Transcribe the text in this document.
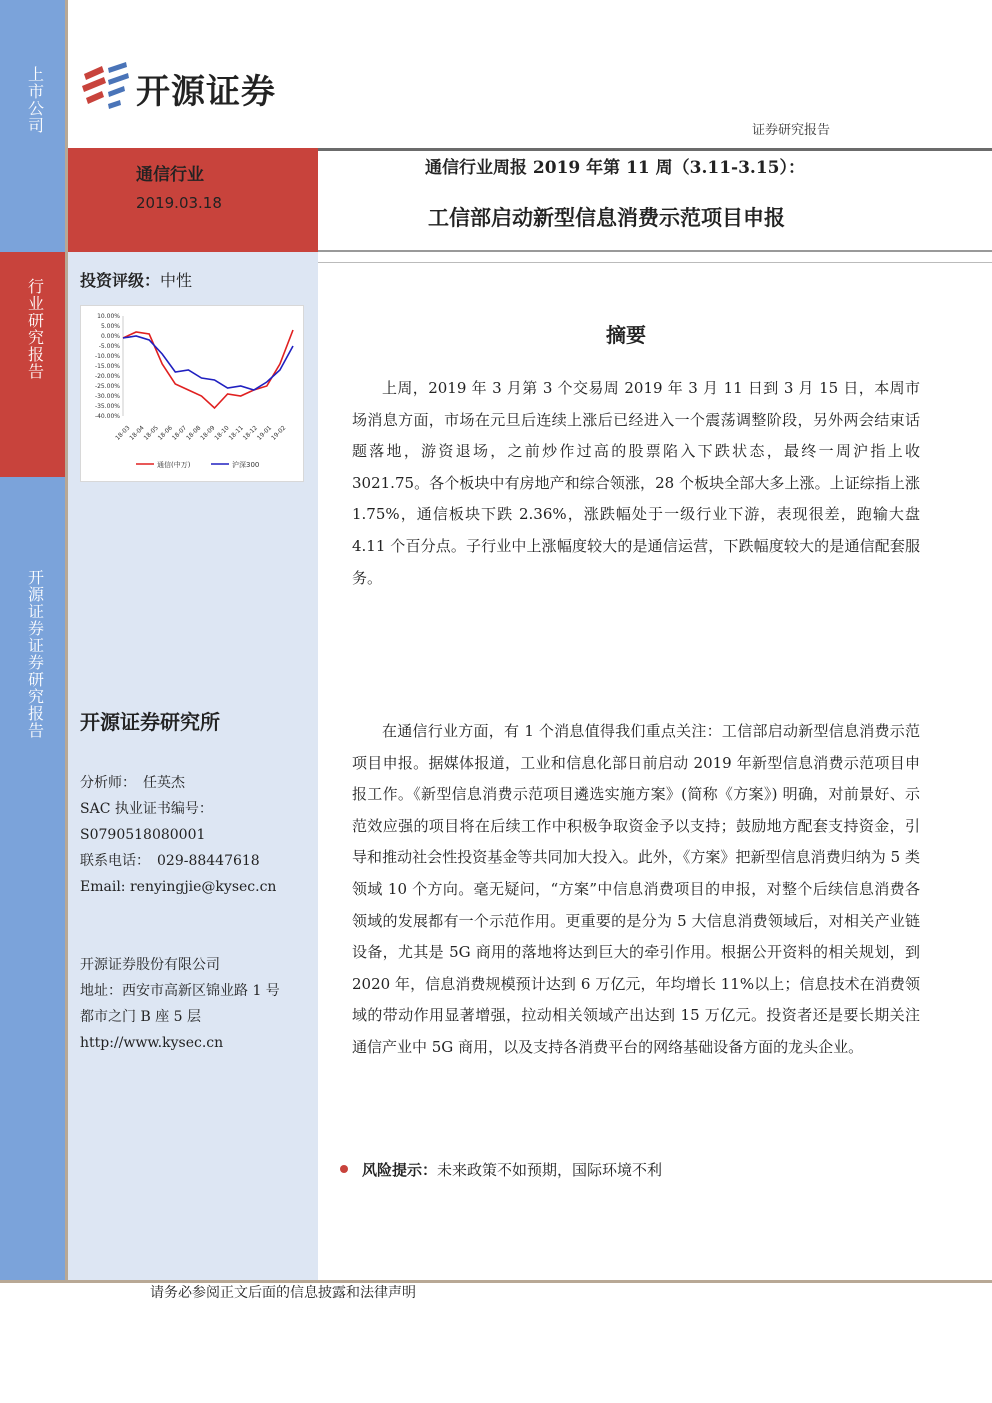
上市公司
行业研究报告
开源证券 证券研究报告
开源证券
证券研究报告
通信行业
2019.03.18
通信行业周报 2019 年第 11 周（3.11-3.15）：
工信部启动新型信息消费示范项目申报
投资评级：中性
10.00%
5.00%
0.00%
-5.00%
-10.00%
-15.00%
-20.00%
-25.00%
-30.00%
-35.00%
-40.00%
18-03
18-04
18-05
18-06
18-07
18-08
18-09
18-10
18-11
18-12
19-01
19-02
通信(中万)	沪深300
摘要
上周，2019 年 3 月第 3 个交易周 2019 年 3 月 11 日到 3 月 15 日，本周市场消息方面，市场在元旦后连续上涨后已经进入一个震荡调整阶段，另外两会结束话题落地，游资退场，之前炒作过高的股票陷入下跌状态，最终一周沪指上收 3021.75。各个板块中有房地产和综合领涨，28 个板块全部大多上涨。上证综指上涨 1.75%，通信板块下跌 2.36%，涨跌幅处于一级行业下游，表现很差，跑输大盘 4.11 个百分点。子行业中上涨幅度较大的是通信运营，下跌幅度较大的是通信配套服务。
在通信行业方面，有 1 个消息值得我们重点关注：工信部启动新型信息消费示范项目申报。据媒体报道，工业和信息化部日前启动 2019 年新型信息消费示范项目申报工作。《新型信息消费示范项目遴选实施方案》(简称《方案》) 明确，对前景好、示范效应强的项目将在后续工作中积极争取资金予以支持；鼓励地方配套支持资金，引导和推动社会性投资基金等共同加大投入。此外，《方案》把新型信息消费归纳为 5 类领域 10 个方向。毫无疑问，“方案”中信息消费项目的申报，对整个后续信息消费各领域的发展都有一个示范作用。更重要的是分为 5 大信息消费领域后，对相关产业链设备，尤其是 5G 商用的落地将达到巨大的牵引作用。根据公开资料的相关规划，到 2020 年，信息消费规模预计达到 6 万亿元，年均增长 11%以上；信息技术在消费领域的带动作用显著增强，拉动相关领域产出达到 15 万亿元。投资者还是要长期关注通信产业中 5G 商用，以及支持各消费平台的网络基础设备方面的龙头企业。
风险提示：未来政策不如预期，国际环境不利
开源证券研究所
分析师：　任英杰
SAC 执业证书编号：
S0790518080001
联系电话：　029-88447618
Email: renyingjie@kysec.cn
开源证券股份有限公司
地址：西安市高新区锦业路 1 号
都市之门 B 座 5 层
http://www.kysec.cn
请务必参阅正文后面的信息披露和法律声明
